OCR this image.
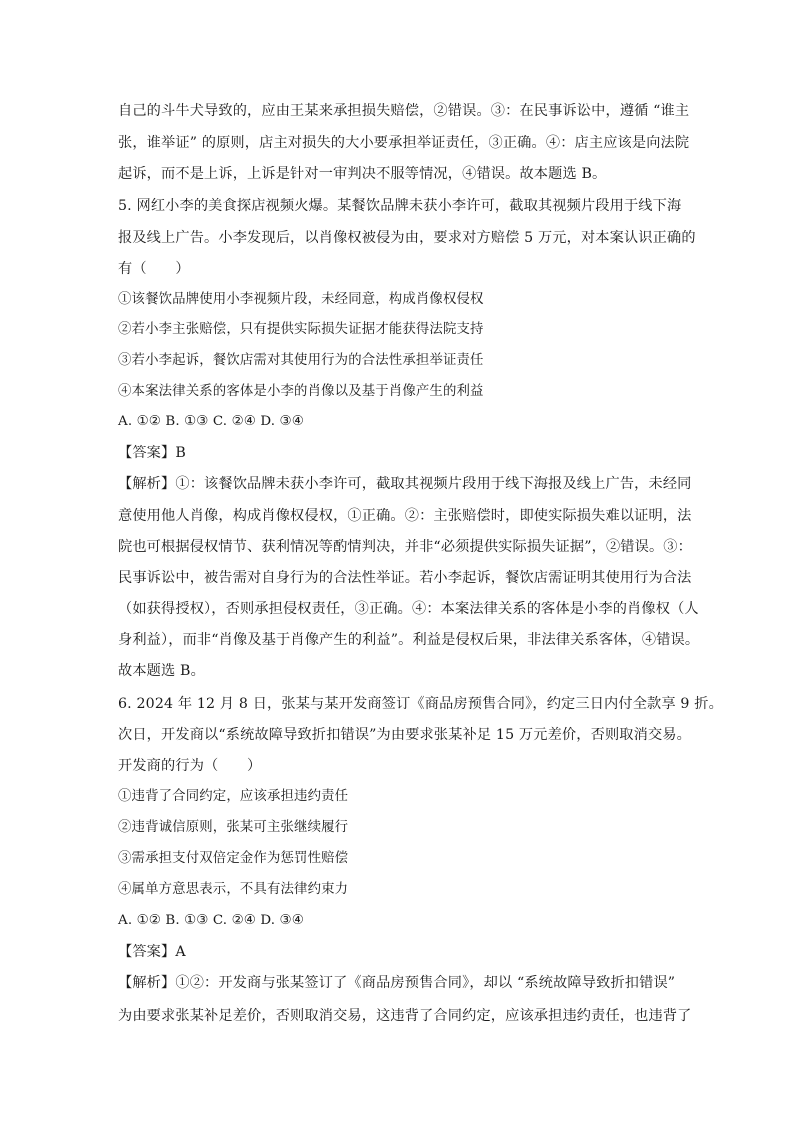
自己的斗牛犬导致的，应由王某来承担损失赔偿，②错误。③：在民事诉讼中，遵循 “谁主
张，谁举证” 的原则，店主对损失的大小要承担举证责任，③正确。④：店主应该是向法院
起诉，而不是上诉，上诉是针对一审判决不服等情况，④错误。故本题选 B。
5. 网红小李的美食探店视频火爆。某餐饮品牌未获小李许可，截取其视频片段用于线下海
报及线上广告。小李发现后，以肖像权被侵为由，要求对方赔偿 5 万元，对本案认识正确的
有（　　）
①该餐饮品牌使用小李视频片段，未经同意，构成肖像权侵权
②若小李主张赔偿，只有提供实际损失证据才能获得法院支持
③若小李起诉，餐饮店需对其使用行为的合法性承担举证责任
④本案法律关系的客体是小李的肖像以及基于肖像产生的利益
A. ①② B. ①③ C. ②④ D. ③④
【答案】B
【解析】①：该餐饮品牌未获小李许可，截取其视频片段用于线下海报及线上广告，未经同
意使用他人肖像，构成肖像权侵权，①正确。②：主张赔偿时，即使实际损失难以证明，法
院也可根据侵权情节、获利情况等酌情判决，并非“必须提供实际损失证据”，②错误。③：
民事诉讼中，被告需对自身行为的合法性举证。若小李起诉，餐饮店需证明其使用行为合法
（如获得授权），否则承担侵权责任，③正确。④：本案法律关系的客体是小李的肖像权（人
身利益），而非“肖像及基于肖像产生的利益”。利益是侵权后果，非法律关系客体，④错误。
故本题选 B。
6. 2024 年 12 月 8 日，张某与某开发商签订《商品房预售合同》，约定三日内付全款享 9 折。
次日，开发商以“系统故障导致折扣错误”为由要求张某补足 15 万元差价，否则取消交易。
开发商的行为（　　）
①违背了合同约定，应该承担违约责任
②违背诚信原则，张某可主张继续履行
③需承担支付双倍定金作为惩罚性赔偿
④属单方意思表示，不具有法律约束力
A. ①② B. ①③ C. ②④ D. ③④
【答案】A
【解析】①②：开发商与张某签订了《商品房预售合同》，却以 “系统故障导致折扣错误”
为由要求张某补足差价，否则取消交易，这违背了合同约定，应该承担违约责任，也违背了
